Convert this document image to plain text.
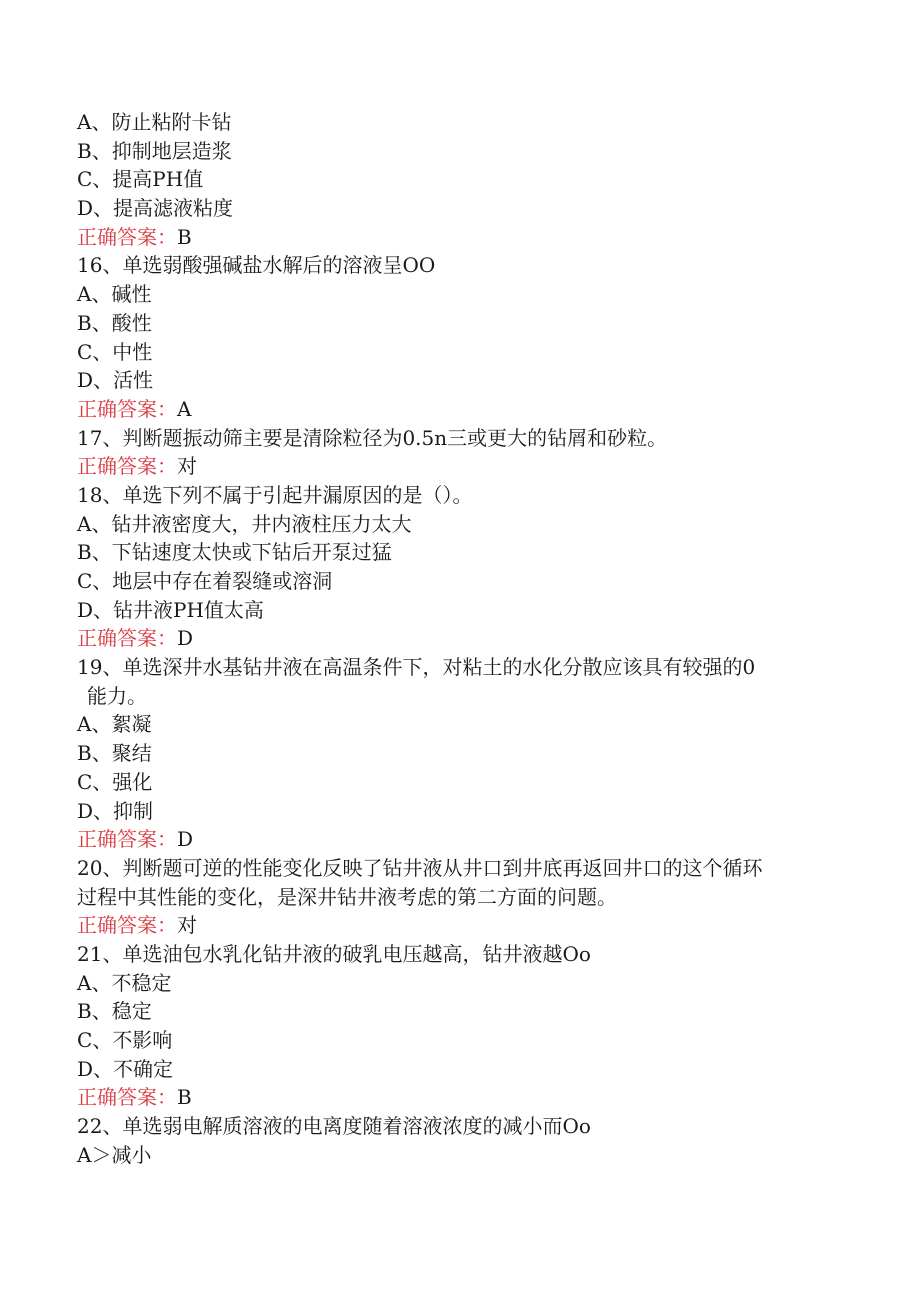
A、防止粘附卡钻
B、抑制地层造浆
C、提高PH值
D、提高滤液粘度
正确答案：B
16、单选弱酸强碱盐水解后的溶液呈OO
A、碱性
B、酸性
C、中性
D、活性
正确答案：A
17、判断题振动筛主要是清除粒径为0.5n三或更大的钻屑和砂粒。
正确答案：对
18、单选下列不属于引起井漏原因的是（）。
A、钻井液密度大，井内液柱压力太大
B、下钻速度太快或下钻后开泵过猛
C、地层中存在着裂缝或溶洞
D、钻井液PH值太高
正确答案：D
19、单选深井水基钻井液在高温条件下，对粘土的水化分散应该具有较强的0
能力。
A、絮凝
B、聚结
C、强化
D、抑制
正确答案：D
20、判断题可逆的性能变化反映了钻井液从井口到井底再返回井口的这个循环
过程中其性能的变化，是深井钻井液考虑的第二方面的问题。
正确答案：对
21、单选油包水乳化钻井液的破乳电压越高，钻井液越Oo
A、不稳定
B、稳定
C、不影响
D、不确定
正确答案：B
22、单选弱电解质溶液的电离度随着溶液浓度的减小而Oo
A＞减小
